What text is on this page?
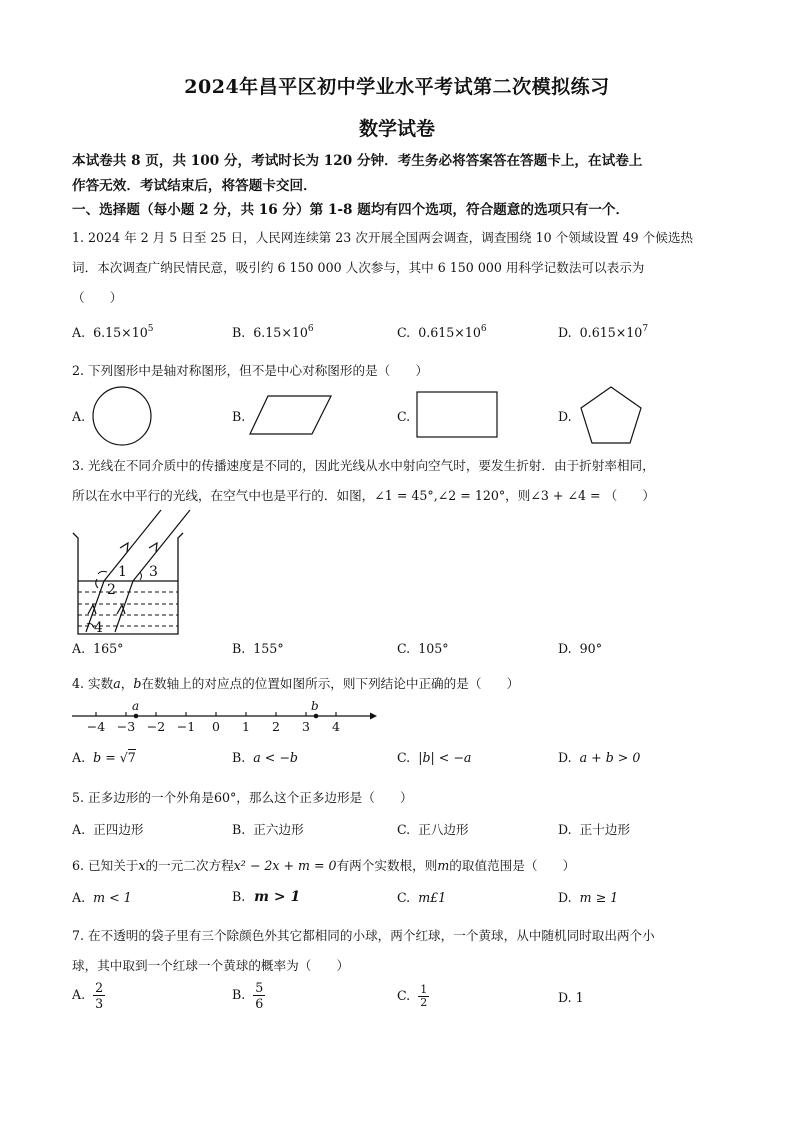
2024年昌平区初中学业水平考试第二次模拟练习
数学试卷
本试卷共 8 页，共 100 分，考试时长为 120 分钟．考生务必将答案答在答题卡上，在试卷上
作答无效．考试结束后，将答题卡交回．
一、选择题（每小题 2 分，共 16 分）第 1-8 题均有四个选项，符合题意的选项只有一个．
1. 2024 年 2 月 5 日至 25 日，人民网连续第 23 次开展全国两会调查，调查围绕 10 个领域设置 49 个候选热
词．本次调查广纳民情民意，吸引约 6 150 000 人次参与，其中 6 150 000 用科学记数法可以表示为
（　　）
A. $6.15\times 10^5$	B. $6.15\times 10^6$	C. $0.615\times 10^6$	D. $0.615\times 10^7$
2. 下列图形中是轴对称图形，但不是中心对称图形的是（　　）
A.	B.	C.	D.
3. 光线在不同介质中的传播速度是不同的，因此光线从水中射向空气时，要发生折射．由于折射率相同，
所以在水中平行的光线，在空气中也是平行的．如图，∠1 = 45°,∠2 = 120°，则∠3 + ∠4 = （　　）
1
2
3
4
A. 165°	B. 155°	C. 105°	D. 90°
4. 实数a，b在数轴上的对应点的位置如图所示，则下列结论中正确的是（　　）
−4 −3 −2 −1 0 1 2 3 4
a	b
A. b = √7	B. a < −b	C. |b| < −a	D. a + b > 0
5. 正多边形的一个外角是60°，那么这个正多边形是（　　）
A. 正四边形	B. 正六边形	C. 正八边形	D. 正十边形
6. 已知关于x的一元二次方程x² − 2x + m = 0有两个实数根，则m的取值范围是（　　）
A. m < 1	B. m > 1	C. m£1	D. m ≥ 1
7. 在不透明的袋子里有三个除颜色外其它都相同的小球，两个红球，一个黄球，从中随机同时取出两个小
球，其中取到一个红球一个黄球的概率为（　　）
A. $\frac{2}{3}$	B. $\frac{5}{6}$	C. $\frac{1}{2}$	D. 1
